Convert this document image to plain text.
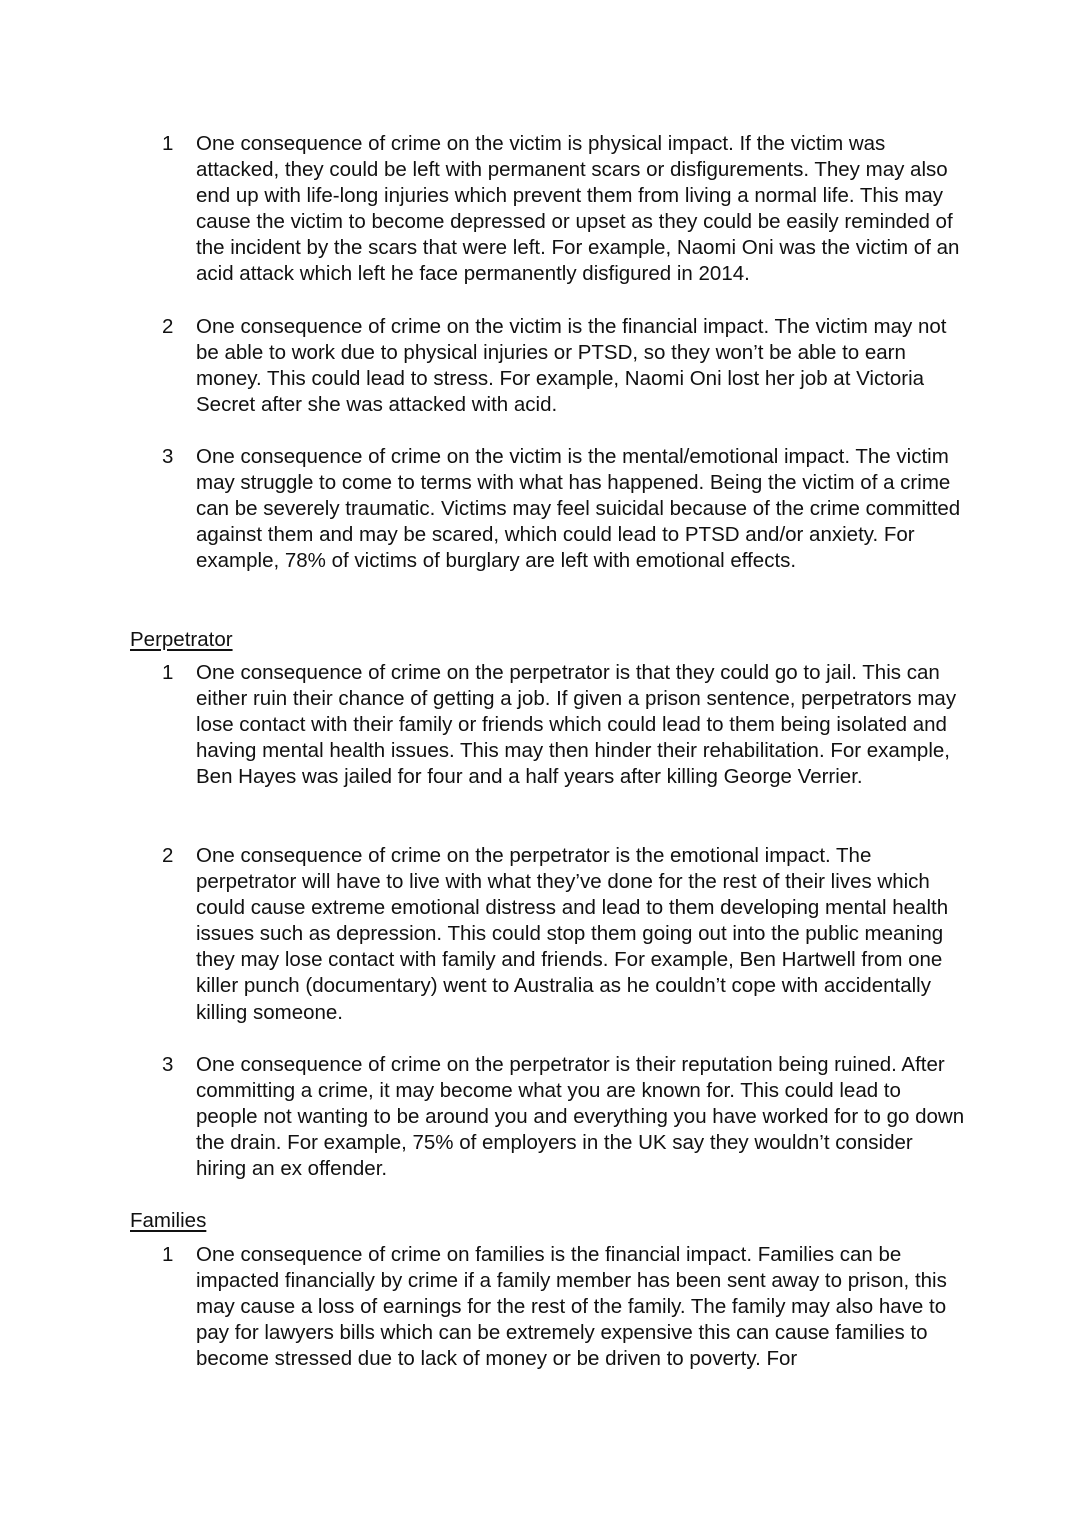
1	One consequence of crime on the victim is physical impact. If the victim was attacked, they could be left with permanent scars or disfigurements. They may also end up with life-long injuries which prevent them from living a normal life. This may cause the victim to become depressed or upset as they could be easily reminded of the incident by the scars that were left. For example, Naomi Oni was the victim of an acid attack which left he face permanently disfigured in 2014.
2	One consequence of crime on the victim is the financial impact. The victim may not be able to work due to physical injuries or PTSD, so they won’t be able to earn money. This could lead to stress. For example, Naomi Oni lost her job at Victoria Secret after she was attacked with acid.
3	One consequence of crime on the victim is the mental/emotional impact. The victim may struggle to come to terms with what has happened. Being the victim of a crime can be severely traumatic. Victims may feel suicidal because of the crime committed against them and may be scared, which could lead to PTSD and/or anxiety. For example, 78% of victims of burglary are left with emotional effects.
Perpetrator
1	One consequence of crime on the perpetrator is that they could go to jail. This can either ruin their chance of getting a job. If given a prison sentence, perpetrators may lose contact with their family or friends which could lead to them being isolated and having mental health issues. This may then hinder their rehabilitation. For example, Ben Hayes was jailed for four and a half years after killing George Verrier.
2	One consequence of crime on the perpetrator is the emotional impact. The perpetrator will have to live with what they’ve done for the rest of their lives which could cause extreme emotional distress and lead to them developing mental health issues such as depression. This could stop them going out into the public meaning they may lose contact with family and friends. For example, Ben Hartwell from one killer punch (documentary) went to Australia as he couldn’t cope with accidentally killing someone.
3	One consequence of crime on the perpetrator is their reputation being ruined. After committing a crime, it may become what you are known for. This could lead to people not wanting to be around you and everything you have worked for to go down the drain. For example, 75% of employers in the UK say they wouldn’t consider hiring an ex offender.
Families
1	One consequence of crime on families is the financial impact. Families can be impacted financially by crime if a family member has been sent away to prison, this may cause a loss of earnings for the rest of the family. The family may also have to pay for lawyers bills which can be extremely expensive this can cause families to become stressed due to lack of money or be driven to poverty. For
